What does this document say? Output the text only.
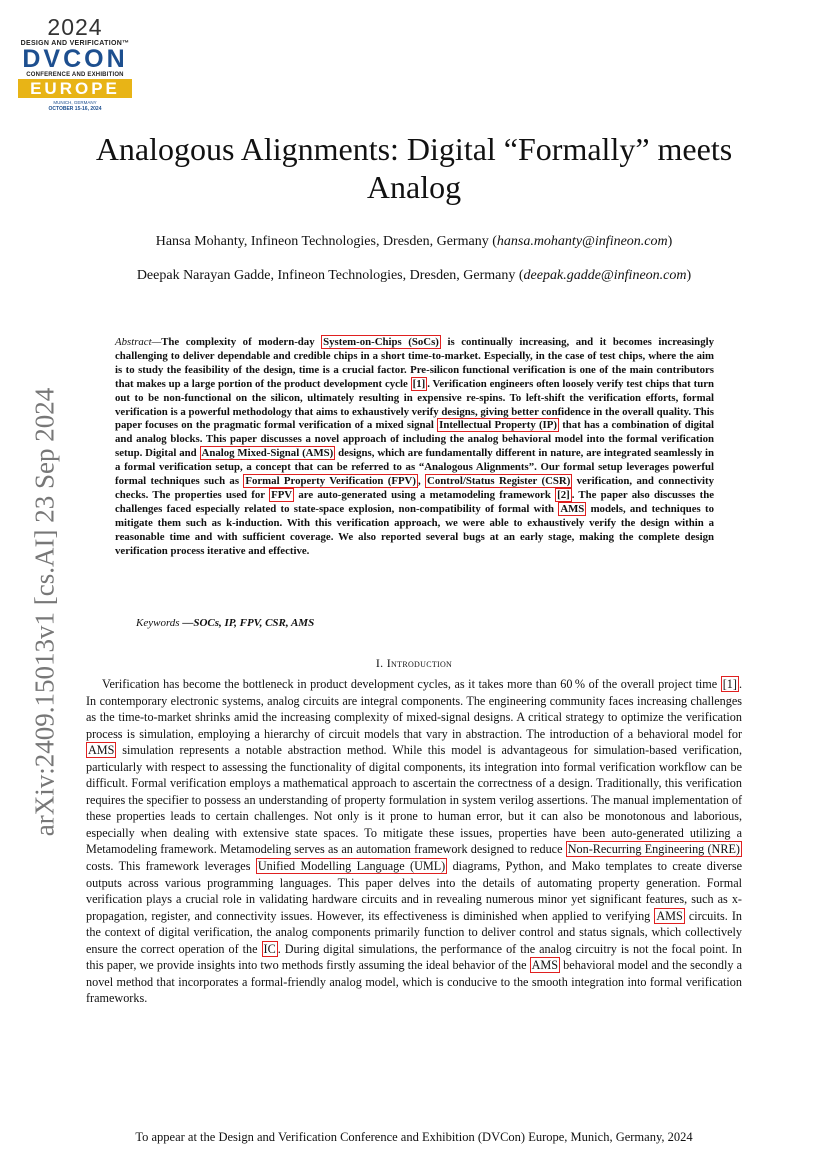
2024
DESIGN AND VERIFICATION™
DVCON
CONFERENCE AND EXHIBITION
EUROPE
MUNICH, GERMANY
OCTOBER 15-16, 2024
arXiv:2409.15013v1 [cs.AI] 23 Sep 2024
Analogous Alignments: Digital “Formally” meets Analog
Hansa Mohanty, Infineon Technologies, Dresden, Germany (hansa.mohanty@infineon.com)
Deepak Narayan Gadde, Infineon Technologies, Dresden, Germany (deepak.gadde@infineon.com)
Abstract—The complexity of modern-day System-on-Chips (SoCs) is continually increasing, and it becomes increasingly challenging to deliver dependable and credible chips in a short time-to-market. Especially, in the case of test chips, where the aim is to study the feasibility of the design, time is a crucial factor. Pre-silicon functional verification is one of the main contributors that makes up a large portion of the product development cycle [1] . Verification engineers often loosely verify test chips that turn out to be non-functional on the silicon, ultimately resulting in expensive re-spins. To left-shift the verification efforts, formal verification is a powerful methodology that aims to exhaustively verify designs, giving better confidence in the overall quality. This paper focuses on the pragmatic formal verification of a mixed signal Intellectual Property (IP) that has a combination of digital and analog blocks. This paper discusses a novel approach of including the analog behavioral model into the formal verification setup. Digital and Analog Mixed-Signal (AMS) designs, which are fundamentally different in nature, are integrated seamlessly in a formal verification setup, a concept that can be referred to as “Analogous Alignments”. Our formal setup leverages powerful formal techniques such as Formal Property Verification (FPV) , Control/Status Register (CSR) verification, and connectivity checks. The properties used for FPV are auto-generated using a metamodeling framework [2] . The paper also discusses the challenges faced especially related to state-space explosion, non-compatibility of formal with AMS models, and techniques to mitigate them such as k-induction. With this verification approach, we were able to exhaustively verify the design within a reasonable time and with sufficient coverage. We also reported several bugs at an early stage, making the complete design verification process iterative and effective.
Keywords —SOCs, IP, FPV, CSR, AMS
I. Introduction
Verification has become the bottleneck in product development cycles, as it takes more than 60 % of the overall project time [1] . In contemporary electronic systems, analog circuits are integral components. The engineering community faces increasing challenges as the time-to-market shrinks amid the increasing complexity of mixed-signal designs. A critical strategy to optimize the verification process is simulation, employing a hierarchy of circuit models that vary in abstraction. The introduction of a behavioral model for AMS simulation represents a notable abstraction method. While this model is advantageous for simulation-based verification, particularly with respect to assessing the functionality of digital components, its integration into formal verification workflow can be difficult. Formal verification employs a mathematical approach to ascertain the correctness of a design. Traditionally, this verification requires the specifier to possess an understanding of property formulation in system verilog assertions. The manual implementation of these properties leads to certain challenges. Not only is it prone to human error, but it can also be monotonous and laborious, especially when dealing with extensive state spaces. To mitigate these issues, properties have been auto-generated utilizing a Metamodeling framework. Metamodeling serves as an automation framework designed to reduce Non-Recurring Engineering (NRE) costs. This framework leverages Unified Modelling Language (UML) diagrams, Python, and Mako templates to create diverse outputs across various programming languages. This paper delves into the details of automating property generation. Formal verification plays a crucial role in validating hardware circuits and in revealing numerous minor yet significant features, such as x-propagation, register, and connectivity issues. However, its effectiveness is diminished when applied to verifying AMS circuits. In the context of digital verification, the analog components primarily function to deliver control and status signals, which collectively ensure the correct operation of the IC . During digital simulations, the performance of the analog circuitry is not the focal point. In this paper, we provide insights into two methods firstly assuming the ideal behavior of the AMS behavioral model and the secondly a novel method that incorporates a formal-friendly analog model, which is conducive to the smooth integration into formal verification frameworks.
To appear at the Design and Verification Conference and Exhibition (DVCon) Europe, Munich, Germany, 2024
